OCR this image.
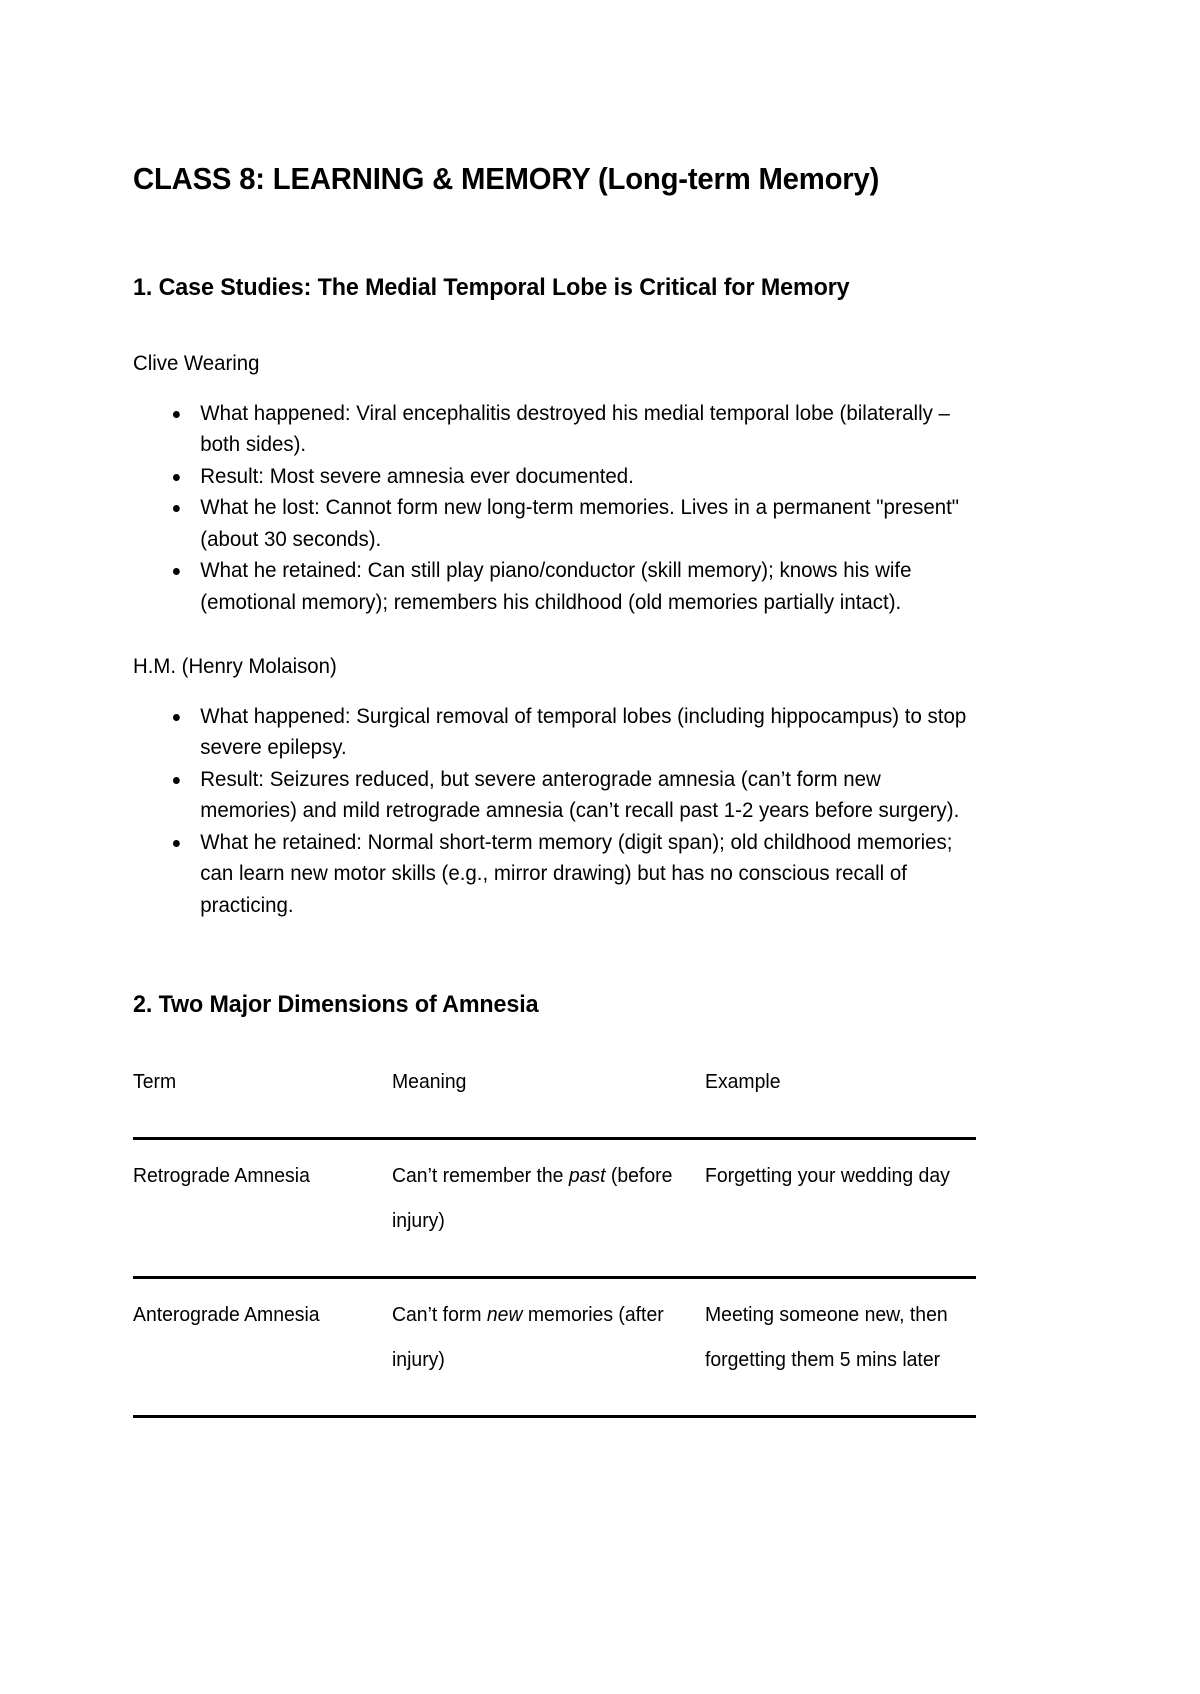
CLASS 8: LEARNING & MEMORY (Long-term Memory)
1. Case Studies: The Medial Temporal Lobe is Critical for Memory

Clive Wearing

What happened: Viral encephalitis destroyed his medial temporal lobe (bilaterally – both sides).
Result: Most severe amnesia ever documented.
What he lost: Cannot form new long-term memories. Lives in a permanent "present" (about 30 seconds).
What he retained: Can still play piano/conductor (skill memory); knows his wife (emotional memory); remembers his childhood (old memories partially intact).

H.M. (Henry Molaison)

What happened: Surgical removal of temporal lobes (including hippocampus) to stop severe epilepsy.
Result: Seizures reduced, but severe anterograde amnesia (can’t form new memories) and mild retrograde amnesia (can’t recall past 1-2 years before surgery).
What he retained: Normal short-term memory (digit span); old childhood memories; can learn new motor skills (e.g., mirror drawing) but has no conscious recall of practicing.
2. Two Major Dimensions of Amnesia
Term	Meaning	Example
Retrograde Amnesia	Can’t remember the past (before injury)	Forgetting your wedding day
Anterograde Amnesia	Can’t form new memories (after injury)	Meeting someone new, then forgetting them 5 mins later
